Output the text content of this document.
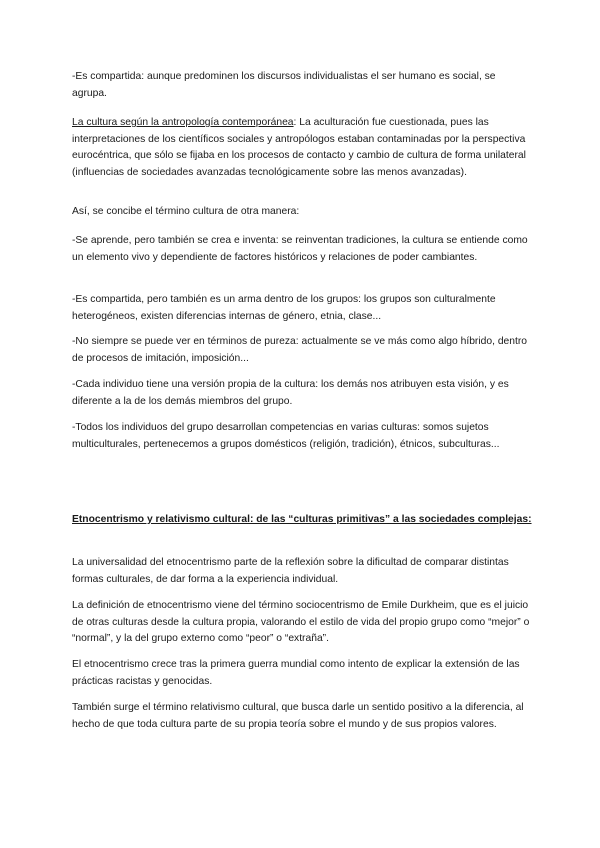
-Es compartida: aunque predominen los discursos individualistas el ser humano es social, se agrupa.

La cultura según la antropología contemporánea: La aculturación fue cuestionada, pues las interpretaciones de los científicos sociales y antropólogos estaban contaminadas por la perspectiva eurocéntrica, que sólo se fijaba en los procesos de contacto y cambio de cultura de forma unilateral (influencias de sociedades avanzadas tecnológicamente sobre las menos avanzadas).

Así, se concibe el término cultura de otra manera:

-Se aprende, pero también se crea e inventa: se reinventan tradiciones, la cultura se entiende como un elemento vivo y dependiente de factores históricos y relaciones de poder cambiantes.

-Es compartida, pero también es un arma dentro de los grupos: los grupos son culturalmente heterogéneos, existen diferencias internas de género, etnia, clase...

-No siempre se puede ver en términos de pureza: actualmente se ve más como algo híbrido, dentro de procesos de imitación, imposición...

-Cada individuo tiene una versión propia de la cultura: los demás nos atribuyen esta visión, y es diferente a la de los demás miembros del grupo.

-Todos los individuos del grupo desarrollan competencias en varias culturas: somos sujetos multiculturales, pertenecemos a grupos domésticos (religión, tradición), étnicos, subculturas...

Etnocentrismo y relativismo cultural: de las “culturas primitivas” a las sociedades complejas:

La universalidad del etnocentrismo parte de la reflexión sobre la dificultad de comparar distintas formas culturales, de dar forma a la experiencia individual.

La definición de etnocentrismo viene del término sociocentrismo de Emile Durkheim, que es el juicio de otras culturas desde la cultura propia, valorando el estilo de vida del propio grupo como “mejor” o “normal”, y la del grupo externo como “peor” o “extraña”.

El etnocentrismo crece tras la primera guerra mundial como intento de explicar la extensión de las prácticas racistas y genocidas.

También surge el término relativismo cultural, que busca darle un sentido positivo a la diferencia, al hecho de que toda cultura parte de su propia teoría sobre el mundo y de sus propios valores.
